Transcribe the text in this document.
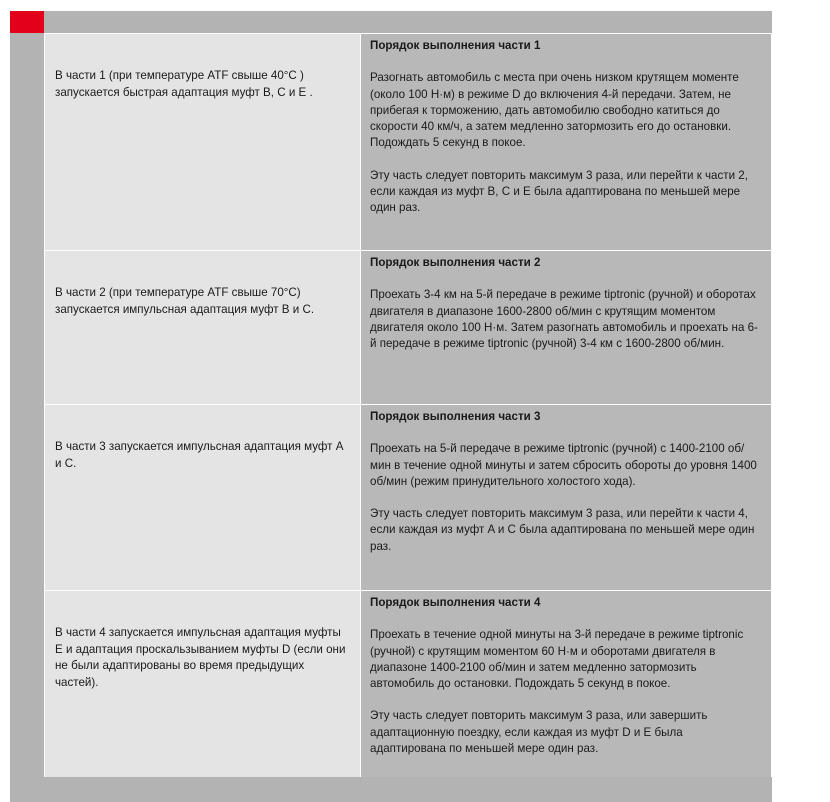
В части 1 (при температуре ATF свыше 40°C ) запускается быстрая адаптация муфт B, C и E .	Порядок выполнения части 1
Разогнать автомобиль с места при очень низком крутящем моменте (около 100 Н·м) в режиме D до включения 4-й передачи. Затем, не прибегая к торможению, дать автомобилю свободно катиться до скорости 40 км/ч, а затем медленно затормозить его до остановки. Подождать 5 секунд в покое.
Эту часть следует повторить максимум 3 раза, или перейти к части 2, если каждая из муфт B, C и E была адаптирована по меньшей мере один раз.

В части 2 (при температуре ATF свыше 70°C) запускается импульсная адаптация муфт B и C.	Порядок выполнения части 2
Проехать 3-4 км на 5-й передаче в режиме tiptronic (ручной) и оборотах двигателя в диапазоне 1600-2800 об/мин с крутящим моментом двигателя около 100 Н·м. Затем разогнать автомобиль и проехать на 6-й передаче в режиме tiptronic (ручной) 3-4 км с 1600-2800 об/мин.

В части 3 запускается импульсная адаптация муфт A и C.	Порядок выполнения части 3
Проехать на 5-й передаче в режиме tiptronic (ручной) с 1400-2100 об/мин в течение одной минуты и затем сбросить обороты до уровня 1400 об/мин (режим принудительного холостого хода).
Эту часть следует повторить максимум 3 раза, или перейти к части 4, если каждая из муфт A и C была адаптирована по меньшей мере один раз.

В части 4 запускается импульсная адаптация муфты E и адаптация проскальзыванием муфты D (если они не были адаптированы во время предыдущих частей).	Порядок выполнения части 4
Проехать в течение одной минуты на 3-й передаче в режиме tiptronic (ручной) с крутящим моментом 60 Н·м и оборотами двигателя в диапазоне 1400-2100 об/мин и затем медленно затормозить автомобиль до остановки. Подождать 5 секунд в покое.
Эту часть следует повторить максимум 3 раза, или завершить адаптационную поездку, если каждая из муфт D и E была адаптирована по меньшей мере один раз.
